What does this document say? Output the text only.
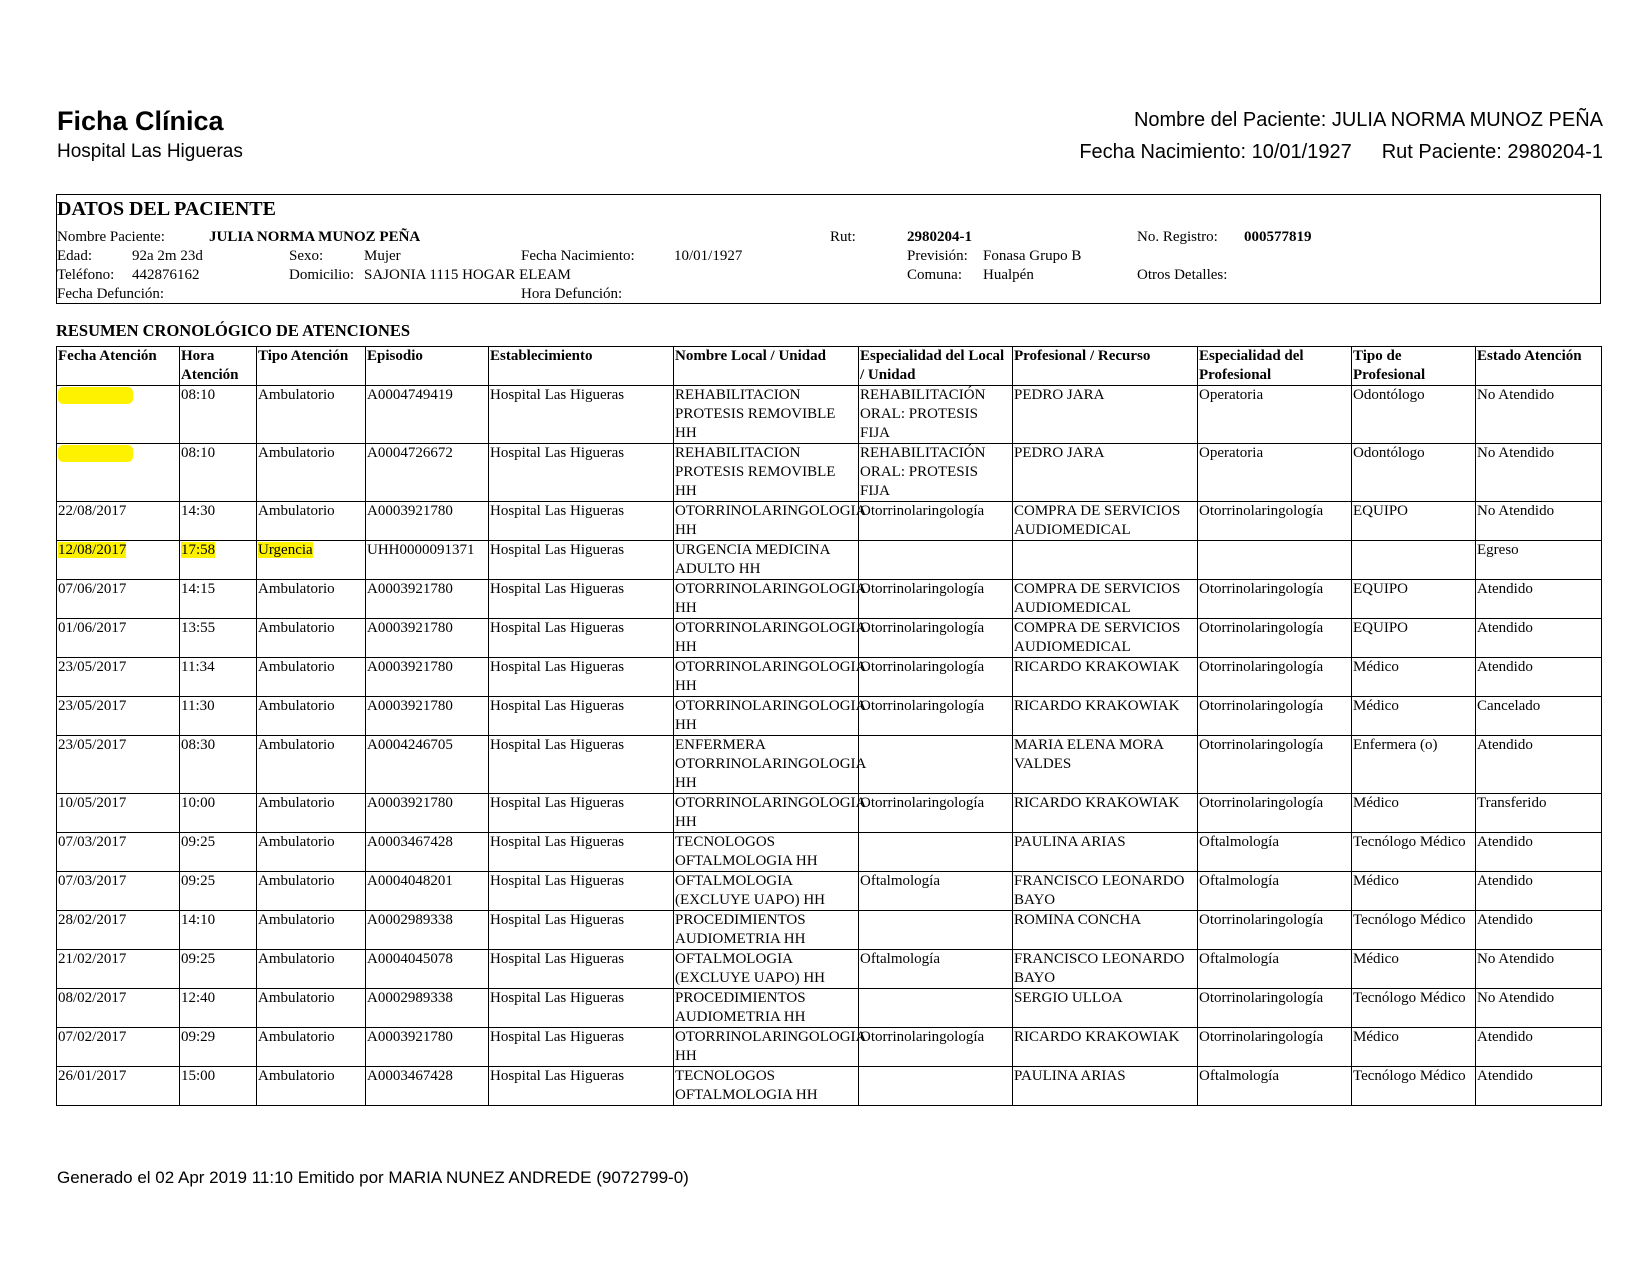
Ficha Clínica
Hospital Las Higueras
Nombre del Paciente: JULIA NORMA MUNOZ PEÑA
Fecha Nacimiento: 10/01/1927 Rut Paciente: 2980204-1
DATOS DEL PACIENTE
Nombre Paciente:	JULIA NORMA MUNOZ PEÑA	Rut:	2980204-1	No. Registro: 000577819
Edad:	92a 2m 23d	Sexo:	Mujer	Fecha Nacimiento:	10/01/1927	Previsión: Fonasa Grupo B
Teléfono: 442876162	Domicilio: SAJONIA 1115 HOGAR ELEAM	Comuna: Hualpén	Otros Detalles:
Fecha Defunción:	Hora Defunción:
RESUMEN CRONOLÓGICO DE ATENCIONES
Fecha Atención	Hora Atención	Tipo Atención	Episodio	Establecimiento	Nombre Local / Unidad	Especialidad del Local / Unidad	Profesional / Recurso	Especialidad del Profesional	Tipo de Profesional	Estado Atención
	08:10	Ambulatorio	A0004749419	Hospital Las Higueras	REHABILITACION PROTESIS REMOVIBLE HH	REHABILITACIÓN ORAL: PROTESIS FIJA	PEDRO JARA	Operatoria	Odontólogo	No Atendido
	08:10	Ambulatorio	A0004726672	Hospital Las Higueras	REHABILITACION PROTESIS REMOVIBLE HH	REHABILITACIÓN ORAL: PROTESIS FIJA	PEDRO JARA	Operatoria	Odontólogo	No Atendido
22/08/2017	14:30	Ambulatorio	A0003921780	Hospital Las Higueras	OTORRINOLARINGOLOGIA HH	Otorrinolaringología	COMPRA DE SERVICIOS AUDIOMEDICAL	Otorrinolaringología	EQUIPO	No Atendido
12/08/2017	17:58	Urgencia	UHH0000091371	Hospital Las Higueras	URGENCIA MEDICINA ADULTO HH					Egreso
07/06/2017	14:15	Ambulatorio	A0003921780	Hospital Las Higueras	OTORRINOLARINGOLOGIA HH	Otorrinolaringología	COMPRA DE SERVICIOS AUDIOMEDICAL	Otorrinolaringología	EQUIPO	Atendido
01/06/2017	13:55	Ambulatorio	A0003921780	Hospital Las Higueras	OTORRINOLARINGOLOGIA HH	Otorrinolaringología	COMPRA DE SERVICIOS AUDIOMEDICAL	Otorrinolaringología	EQUIPO	Atendido
23/05/2017	11:34	Ambulatorio	A0003921780	Hospital Las Higueras	OTORRINOLARINGOLOGIA HH	Otorrinolaringología	RICARDO KRAKOWIAK	Otorrinolaringología	Médico	Atendido
23/05/2017	11:30	Ambulatorio	A0003921780	Hospital Las Higueras	OTORRINOLARINGOLOGIA HH	Otorrinolaringología	RICARDO KRAKOWIAK	Otorrinolaringología	Médico	Cancelado
23/05/2017	08:30	Ambulatorio	A0004246705	Hospital Las Higueras	ENFERMERA OTORRINOLARINGOLOGIA HH		MARIA ELENA MORA VALDES	Otorrinolaringología	Enfermera (o)	Atendido
10/05/2017	10:00	Ambulatorio	A0003921780	Hospital Las Higueras	OTORRINOLARINGOLOGIA HH	Otorrinolaringología	RICARDO KRAKOWIAK	Otorrinolaringología	Médico	Transferido
07/03/2017	09:25	Ambulatorio	A0003467428	Hospital Las Higueras	TECNOLOGOS OFTALMOLOGIA HH		PAULINA ARIAS	Oftalmología	Tecnólogo Médico	Atendido
07/03/2017	09:25	Ambulatorio	A0004048201	Hospital Las Higueras	OFTALMOLOGIA (EXCLUYE UAPO) HH	Oftalmología	FRANCISCO LEONARDO BAYO	Oftalmología	Médico	Atendido
28/02/2017	14:10	Ambulatorio	A0002989338	Hospital Las Higueras	PROCEDIMIENTOS AUDIOMETRIA HH		ROMINA CONCHA	Otorrinolaringología	Tecnólogo Médico	Atendido
21/02/2017	09:25	Ambulatorio	A0004045078	Hospital Las Higueras	OFTALMOLOGIA (EXCLUYE UAPO) HH	Oftalmología	FRANCISCO LEONARDO BAYO	Oftalmología	Médico	No Atendido
08/02/2017	12:40	Ambulatorio	A0002989338	Hospital Las Higueras	PROCEDIMIENTOS AUDIOMETRIA HH		SERGIO ULLOA	Otorrinolaringología	Tecnólogo Médico	No Atendido
07/02/2017	09:29	Ambulatorio	A0003921780	Hospital Las Higueras	OTORRINOLARINGOLOGIA HH	Otorrinolaringología	RICARDO KRAKOWIAK	Otorrinolaringología	Médico	Atendido
26/01/2017	15:00	Ambulatorio	A0003467428	Hospital Las Higueras	TECNOLOGOS OFTALMOLOGIA HH		PAULINA ARIAS	Oftalmología	Tecnólogo Médico	Atendido
Generado el 02 Apr 2019 11:10 Emitido por MARIA NUNEZ ANDREDE (9072799-0)
